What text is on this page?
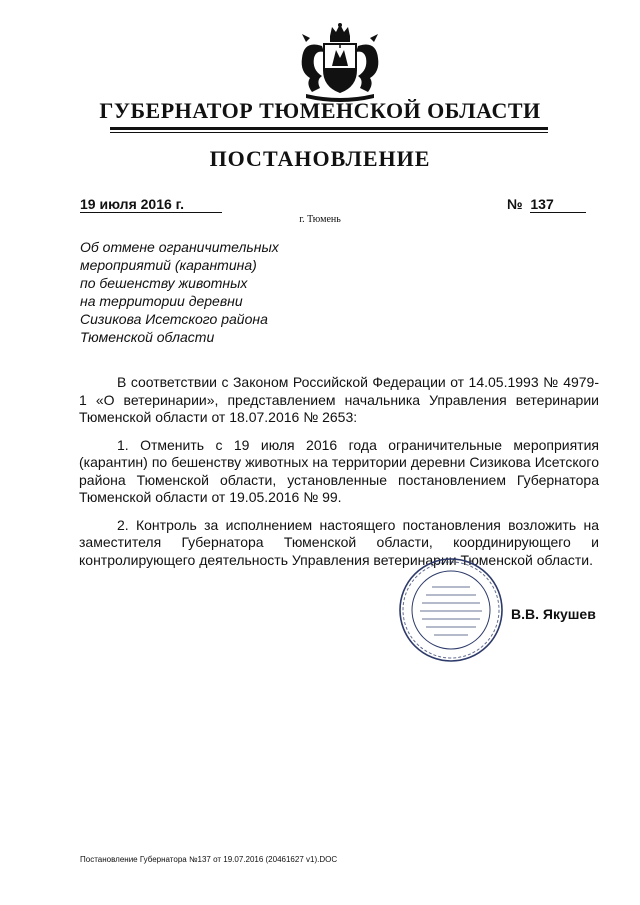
ГУБЕРНАТОР ТЮМЕНСКОЙ ОБЛАСТИ
ПОСТАНОВЛЕНИЕ
19 июля 2016 г.	№ 137
г. Тюмень
Об отмене ограничительных
мероприятий (карантина)
по бешенству животных
на территории деревни
Сизикова Исетского района
Тюменской области

В соответствии с Законом Российской Федерации от 14.05.1993 № 4979-1 «О ветеринарии», представлением начальника Управления ветеринарии Тюменской области от 18.07.2016 № 2653:

1. Отменить с 19 июля 2016 года ограничительные мероприятия (карантин) по бешенству животных на территории деревни Сизикова Исетского района Тюменской области, установленные постановлением Губернатора Тюменской области от 19.05.2016 № 99.

2. Контроль за исполнением настоящего постановления возложить на заместителя Губернатора Тюменской области, координирующего и контролирующего деятельность Управления ветеринарии Тюменской области.

В.В. Якушев
Постановление Губернатора №137 от 19.07.2016 (20461627 v1).DOC
